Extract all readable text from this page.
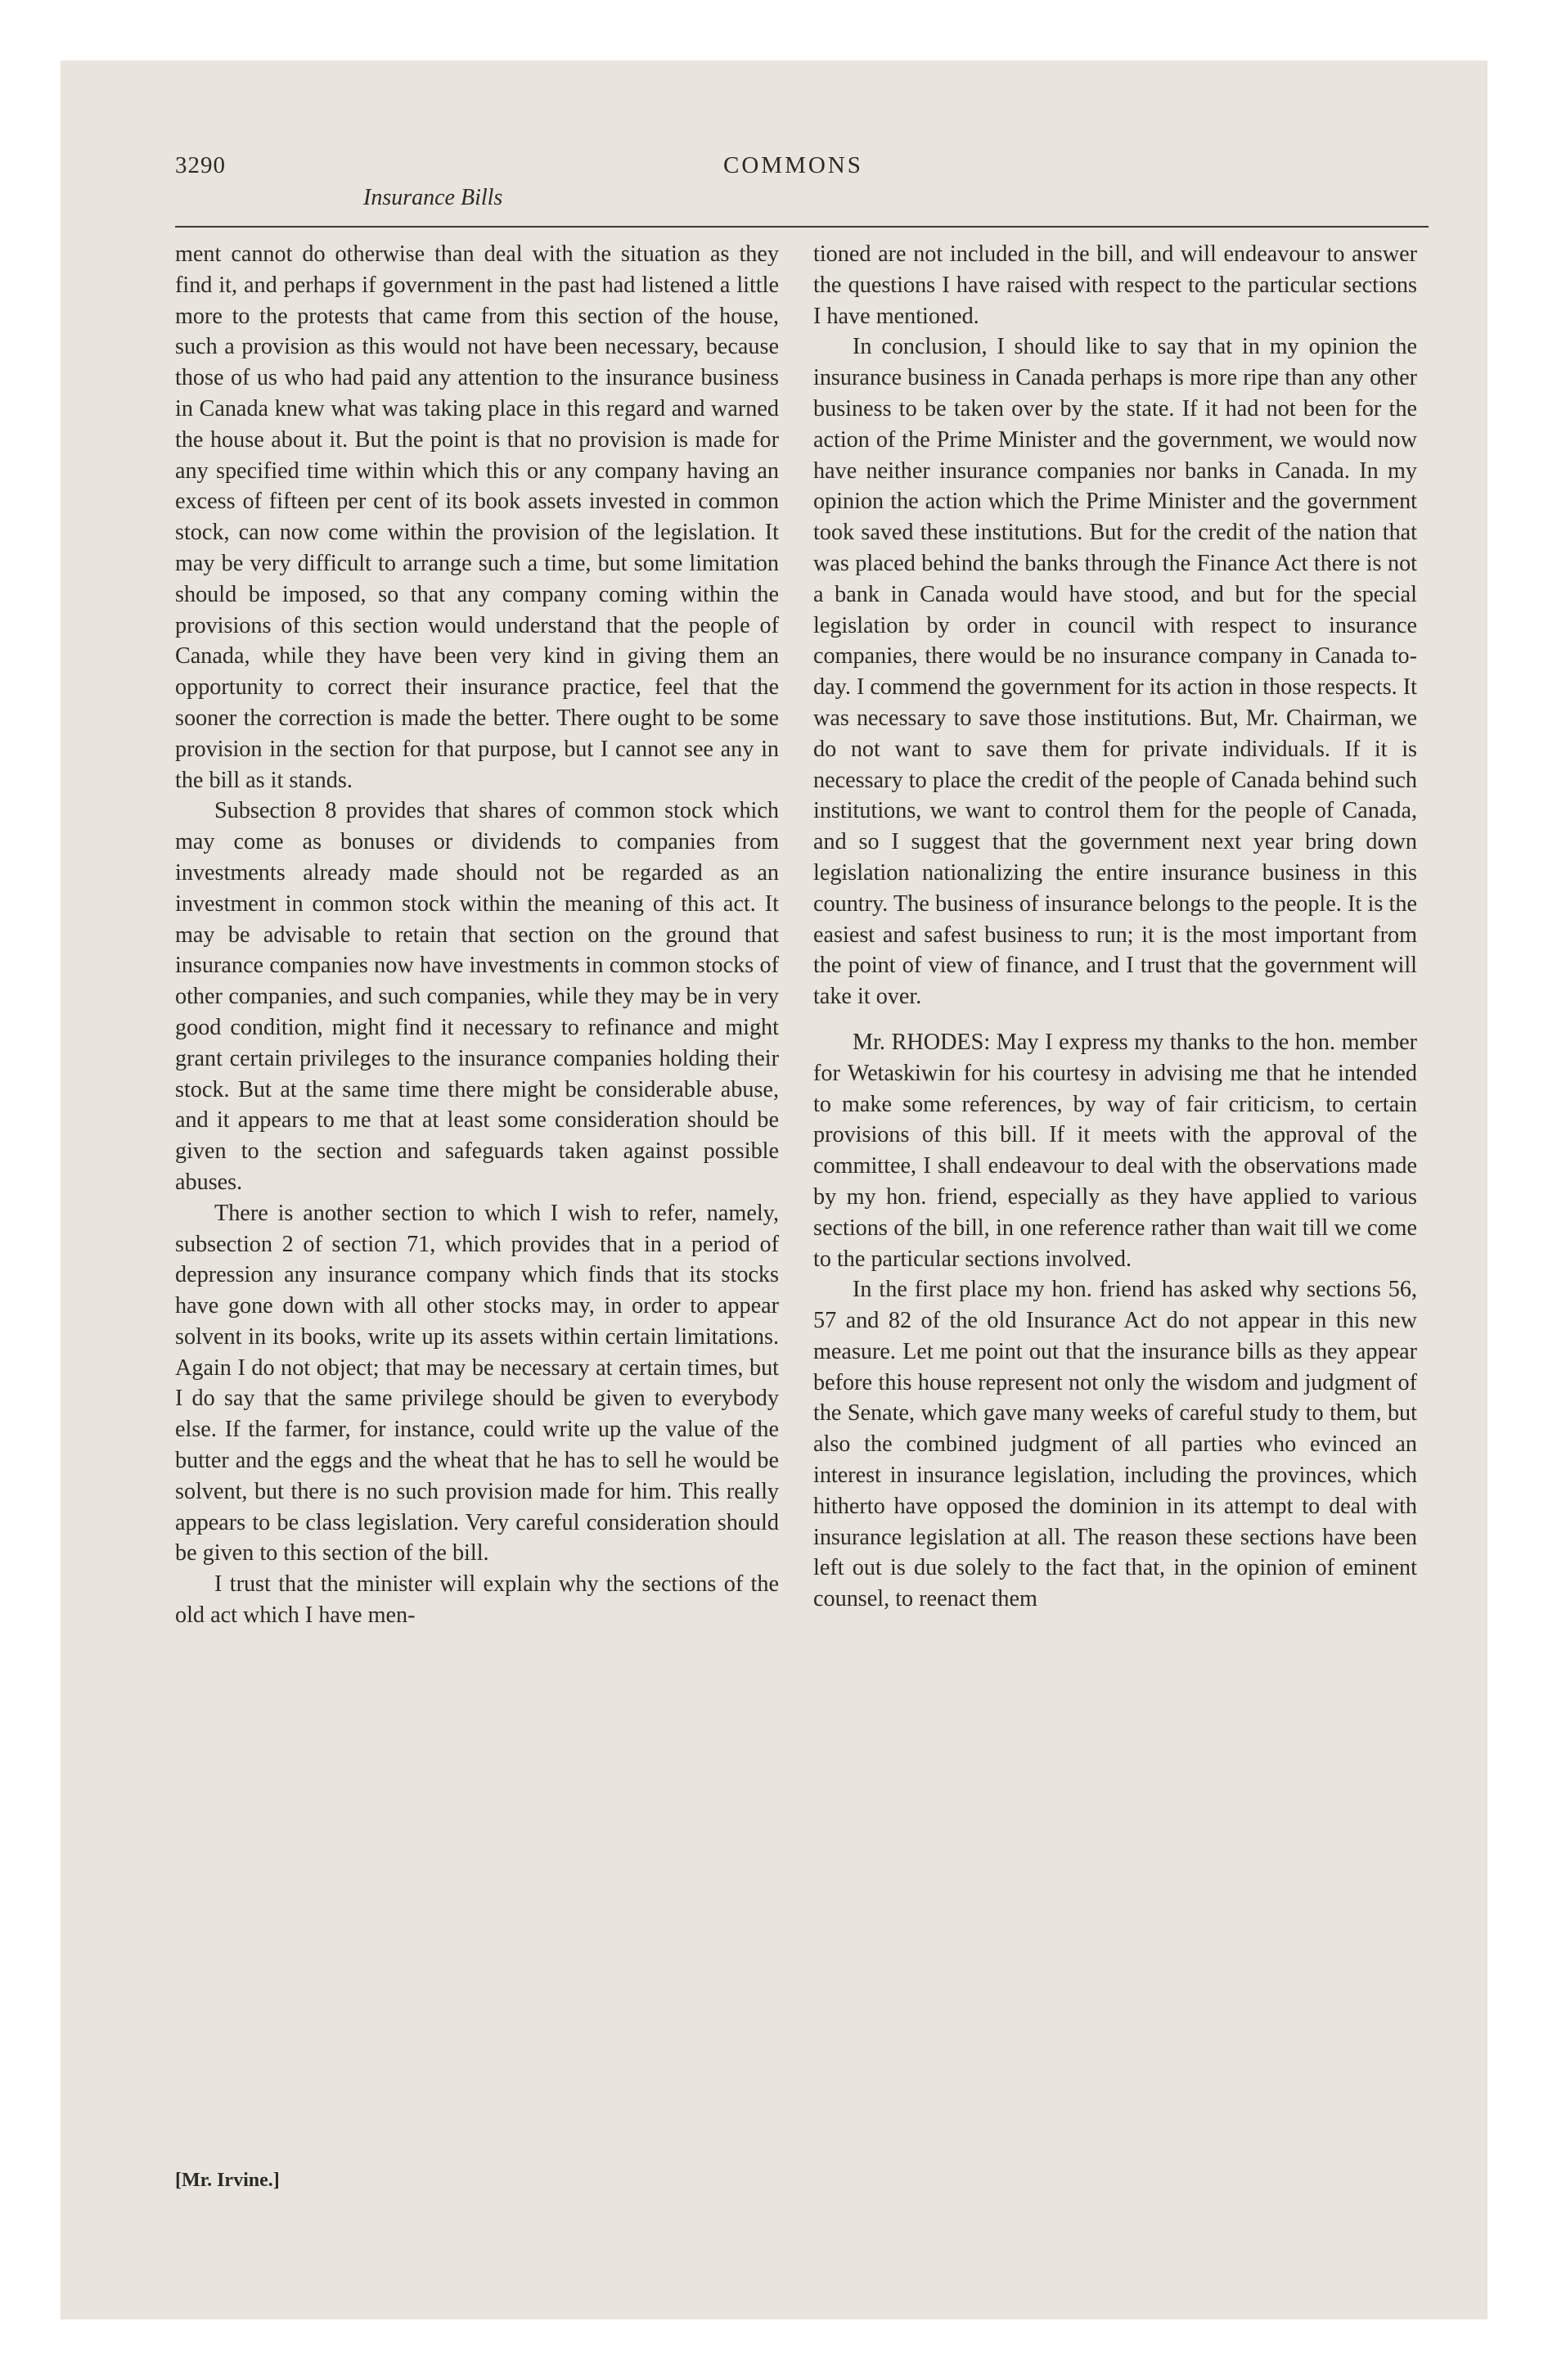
3290	COMMONS

Insurance Bills

ment cannot do otherwise than deal with the situation as they find it, and perhaps if government in the past had listened a little more to the protests that came from this section of the house, such a provision as this would not have been necessary, because those of us who had paid any attention to the insurance business in Canada knew what was taking place in this regard and warned the house about it. But the point is that no provision is made for any specified time within which this or any company having an excess of fifteen per cent of its book assets invested in common stock, can now come within the provision of the legislation. It may be very difficult to arrange such a time, but some limitation should be imposed, so that any company coming within the provisions of this section would understand that the people of Canada, while they have been very kind in giving them an opportunity to correct their insurance practice, feel that the sooner the correction is made the better. There ought to be some provision in the section for that purpose, but I cannot see any in the bill as it stands.

Subsection 8 provides that shares of common stock which may come as bonuses or dividends to companies from investments already made should not be regarded as an investment in common stock within the meaning of this act. It may be advisable to retain that section on the ground that insurance companies now have investments in common stocks of other companies, and such companies, while they may be in very good condition, might find it necessary to refinance and might grant certain privileges to the insurance companies holding their stock. But at the same time there might be considerable abuse, and it appears to me that at least some consideration should be given to the section and safeguards taken against possible abuses.

There is another section to which I wish to refer, namely, subsection 2 of section 71, which provides that in a period of depression any insurance company which finds that its stocks have gone down with all other stocks may, in order to appear solvent in its books, write up its assets within certain limitations. Again I do not object; that may be necessary at certain times, but I do say that the same privilege should be given to everybody else. If the farmer, for instance, could write up the value of the butter and the eggs and the wheat that he has to sell he would be solvent, but there is no such provision made for him. This really appears to be class legislation. Very careful consideration should be given to this section of the bill.

I trust that the minister will explain why the sections of the old act which I have men-

[Mr. Irvine.]

tioned are not included in the bill, and will endeavour to answer the questions I have raised with respect to the particular sections I have mentioned.

In conclusion, I should like to say that in my opinion the insurance business in Canada perhaps is more ripe than any other business to be taken over by the state. If it had not been for the action of the Prime Minister and the government, we would now have neither insurance companies nor banks in Canada. In my opinion the action which the Prime Minister and the government took saved these institutions. But for the credit of the nation that was placed behind the banks through the Finance Act there is not a bank in Canada would have stood, and but for the special legislation by order in council with respect to insurance companies, there would be no insurance company in Canada to-day. I commend the government for its action in those respects. It was necessary to save those institutions. But, Mr. Chairman, we do not want to save them for private individuals. If it is necessary to place the credit of the people of Canada behind such institutions, we want to control them for the people of Canada, and so I suggest that the government next year bring down legislation nationalizing the entire insurance business in this country. The business of insurance belongs to the people. It is the easiest and safest business to run; it is the most important from the point of view of finance, and I trust that the government will take it over.

Mr. RHODES: May I express my thanks to the hon. member for Wetaskiwin for his courtesy in advising me that he intended to make some references, by way of fair criticism, to certain provisions of this bill. If it meets with the approval of the committee, I shall endeavour to deal with the observations made by my hon. friend, especially as they have applied to various sections of the bill, in one reference rather than wait till we come to the particular sections involved.

In the first place my hon. friend has asked why sections 56, 57 and 82 of the old Insurance Act do not appear in this new measure. Let me point out that the insurance bills as they appear before this house represent not only the wisdom and judgment of the Senate, which gave many weeks of careful study to them, but also the combined judgment of all parties who evinced an interest in insurance legislation, including the provinces, which hitherto have opposed the dominion in its attempt to deal with insurance legislation at all. The reason these sections have been left out is due solely to the fact that, in the opinion of eminent counsel, to reenact them
